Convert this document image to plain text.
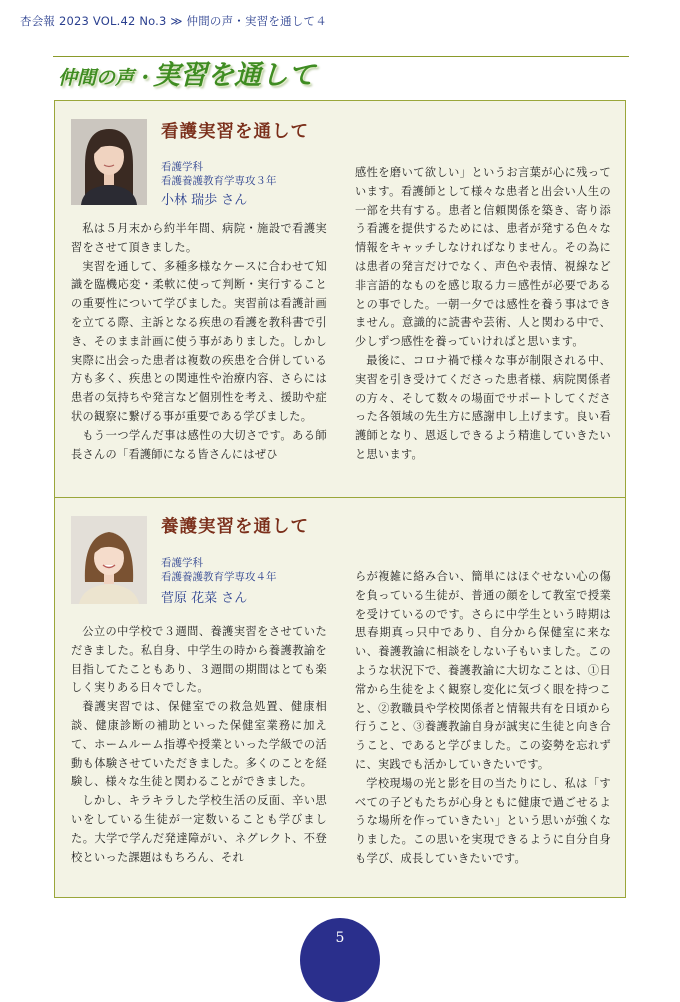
杏会報 2023 VOL.42 No.3 ≫ 仲間の声・実習を通して４
仲間の声・実習を通して
看護実習を通して
看護学科
看護養護教育学専攻３年
小林 瑞歩 さん

私は５月末から約半年間、病院・施設で看護実習をさせて頂きました。

実習を通して、多種多様なケースに合わせて知識を臨機応変・柔軟に使って判断・実行することの重要性について学びました。実習前は看護計画を立てる際、主訴となる疾患の看護を教科書で引き、そのまま計画に使う事がありました。しかし実際に出会った患者は複数の疾患を合併している方も多く、疾患との関連性や治療内容、さらには患者の気持ちや発言など個別性を考え、援助や症状の観察に繋げる事が重要である学びました。

もう一つ学んだ事は感性の大切さです。ある師長さんの「看護師になる皆さんにはぜひ

感性を磨いて欲しい」というお言葉が心に残っています。看護師として様々な患者と出会い人生の一部を共有する。患者と信頼関係を築き、寄り添う看護を提供するためには、患者が発する色々な情報をキャッチしなければなりません。その為には患者の発言だけでなく、声色や表情、視線など非言語的なものを感じ取る力＝感性が必要であるとの事でした。一朝一夕では感性を養う事はできません。意識的に読書や芸術、人と関わる中で、少しずつ感性を養っていければと思います。

最後に、コロナ禍で様々な事が制限される中、実習を引き受けてくださった患者様、病院関係者の方々、そして数々の場面でサポートしてくださった各領域の先生方に感謝申し上げます。良い看護師となり、恩返しできるよう精進していきたいと思います。

養護実習を通して
看護学科
看護養護教育学専攻４年
菅原 花菜 さん

公立の中学校で３週間、養護実習をさせていただきました。私自身、中学生の時から養護教諭を目指してたこともあり、３週間の期間はとても楽しく実りある日々でした。

養護実習では、保健室での救急処置、健康相談、健康診断の補助といった保健室業務に加えて、ホームルーム指導や授業といった学級での活動も体験させていただきました。多くのことを経験し、様々な生徒と関わることができました。

しかし、キラキラした学校生活の反面、辛い思いをしている生徒が一定数いることも学びました。大学で学んだ発達障がい、ネグレクト、不登校といった課題はもちろん、それ

らが複雑に絡み合い、簡単にはほぐせない心の傷を負っている生徒が、普通の顔をして教室で授業を受けているのです。さらに中学生という時期は思春期真っ只中であり、自分から保健室に来ない、養護教諭に相談をしない子もいました。このような状況下で、養護教諭に大切なことは、①日常から生徒をよく観察し変化に気づく眼を持つこと、②教職員や学校関係者と情報共有を日頃から行うこと、③養護教諭自身が誠実に生徒と向き合うこと、であると学びました。この姿勢を忘れずに、実践でも活かしていきたいです。

学校現場の光と影を目の当たりにし、私は「すべての子どもたちが心身ともに健康で過ごせるような場所を作っていきたい」という思いが強くなりました。この思いを実現できるように自分自身も学び、成長していきたいです。

5
